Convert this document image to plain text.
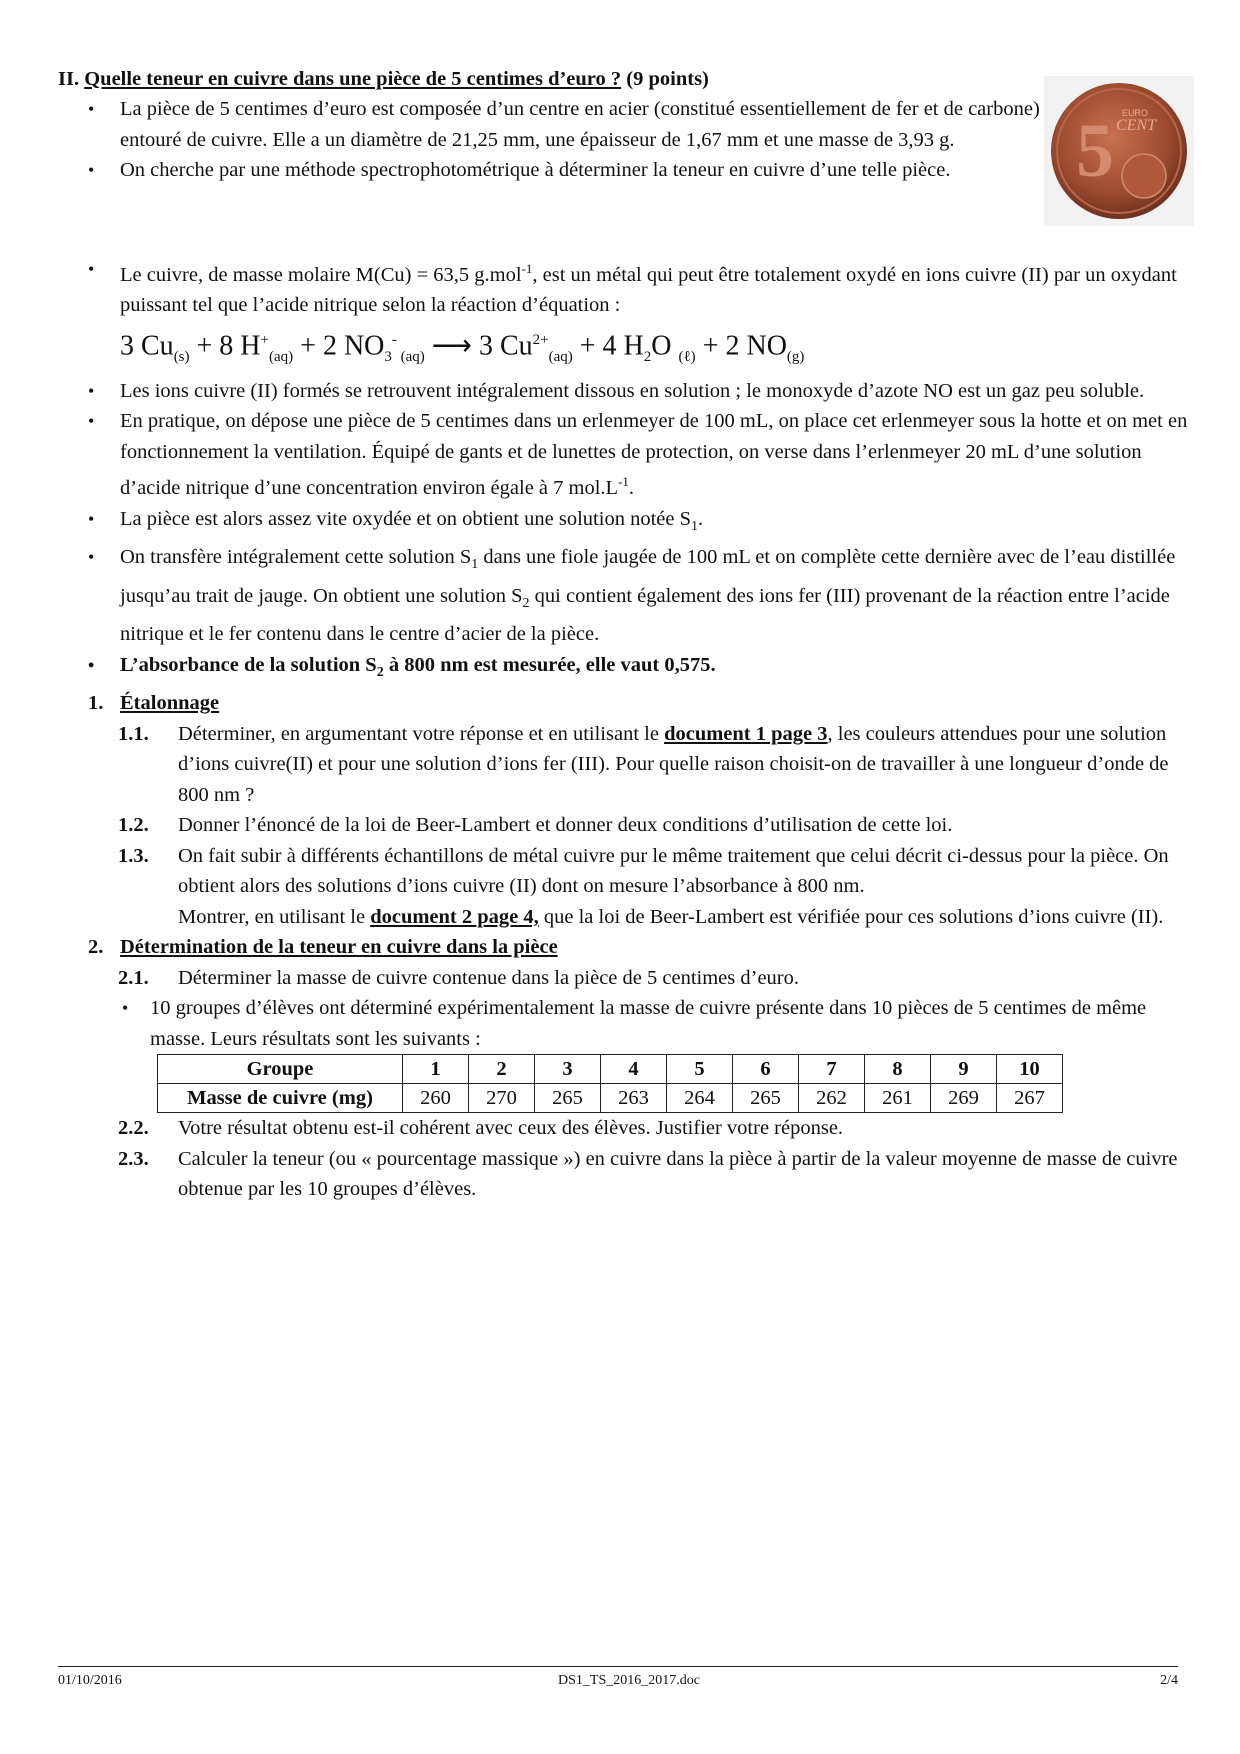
II. Quelle teneur en cuivre dans une pièce de 5 centimes d’euro ? (9 points)
5 EURO
CENT
• La pièce de 5 centimes d’euro est composée d’un centre en acier (constitué essentiellement de fer et de carbone) entouré de cuivre. Elle a un diamètre de 21,25 mm, une épaisseur de 1,67 mm et une masse de 3,93 g.
• On cherche par une méthode spectrophotométrique à déterminer la teneur en cuivre d’une telle pièce.
• Le cuivre, de masse molaire M(Cu) = 63,5 g.mol$^{-1}$, est un métal qui peut être totalement oxydé en ions cuivre (II) par un oxydant puissant tel que l’acide nitrique selon la réaction d’équation :
3 $Cu_{(s)} + 8$ $H^+_{(aq)} + 2$ $NO_3^-$ $_{(aq)}$ ⟶ 3 $Cu^{2+}_{(aq)} + 4$ $H_2O$ $_{(\ell)}$ + 2 $NO_{(g)}$
• Les ions cuivre (II) formés se retrouvent intégralement dissous en solution ; le monoxyde d’azote NO est un gaz peu soluble.
• En pratique, on dépose une pièce de 5 centimes dans un erlenmeyer de 100 mL, on place cet erlenmeyer sous la hotte et on met en fonctionnement la ventilation. Équipé de gants et de lunettes de protection, on verse dans l’erlenmeyer 20 mL d’une solution d’acide nitrique d’une concentration environ égale à 7 $mol.L^{-1}$.
• La pièce est alors assez vite oxydée et on obtient une solution notée $S_1$.
• On transfère intégralement cette solution $S_1$ dans une fiole jaugée de 100 mL et on complète cette dernière avec de l’eau distillée jusqu’au trait de jauge. On obtient une solution $S_2$ qui contient également des ions fer (III) provenant de la réaction entre l’acide nitrique et le fer contenu dans le centre d’acier de la pièce.
• L’absorbance de la solution $S_2$ à 800 nm est mesurée, elle vaut 0,575.
1. Étalonnage
1.1. Déterminer, en argumentant votre réponse et en utilisant le document 1 page 3, les couleurs attendues pour une solution d’ions cuivre(II) et pour une solution d’ions fer (III). Pour quelle raison choisit-on de travailler à une longueur d’onde de 800 nm ?
1.2. Donner l’énoncé de la loi de Beer-Lambert et donner deux conditions d’utilisation de cette loi.
1.3. On fait subir à différents échantillons de métal cuivre pur le même traitement que celui décrit ci-dessus pour la pièce. On obtient alors des solutions d’ions cuivre (II) dont on mesure l’absorbance à 800 nm.
Montrer, en utilisant le document 2 page 4, que la loi de Beer-Lambert est vérifiée pour ces solutions d’ions cuivre (II).
2. Détermination de la teneur en cuivre dans la pièce
2.1. Déterminer la masse de cuivre contenue dans la pièce de 5 centimes d’euro.
• 10 groupes d’élèves ont déterminé expérimentalement la masse de cuivre présente dans 10 pièces de 5 centimes de même masse. Leurs résultats sont les suivants :
Groupe	1	2	3	4	5	6	7	8	9	10
Masse de cuivre (mg)	260	270	265	263	264	265	262	261	269	267
2.2. Votre résultat obtenu est-il cohérent avec ceux des élèves. Justifier votre réponse.
2.3. Calculer la teneur (ou « pourcentage massique ») en cuivre dans la pièce à partir de la valeur moyenne de masse de cuivre obtenue par les 10 groupes d’élèves.
01/10/2016	DS1_TS_2016_2017.doc	2/4
